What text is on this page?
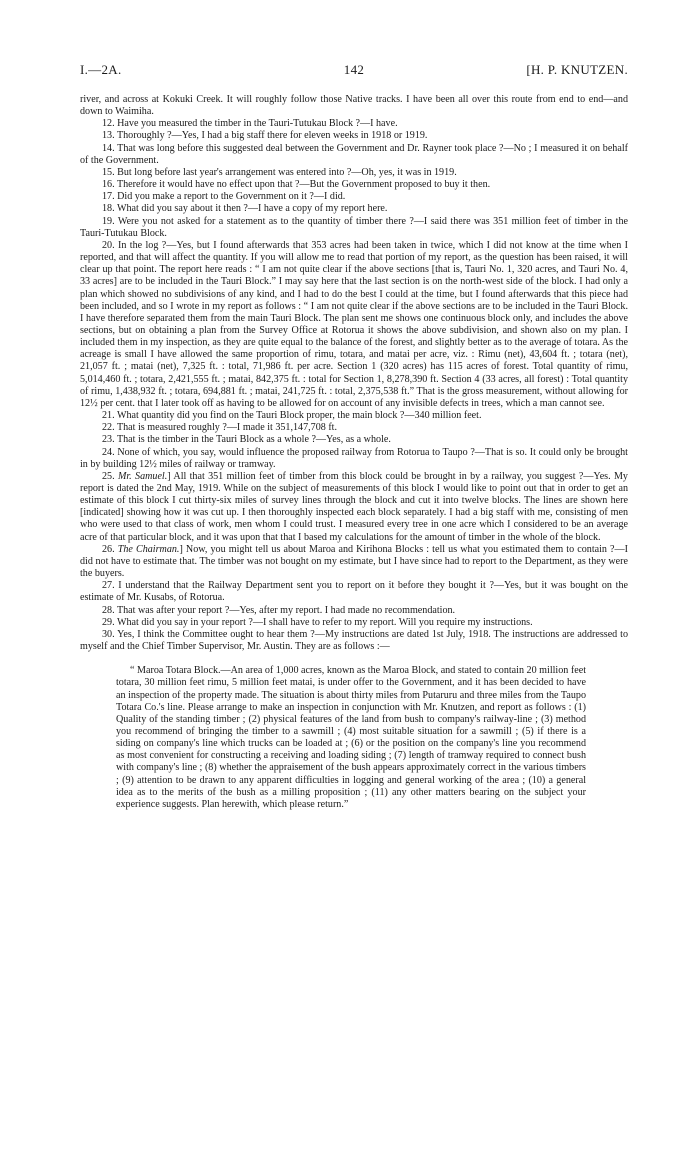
I.—2A.	142	[H. P. KNUTZEN.

river, and across at Kokuki Creek. It will roughly follow those Native tracks. I have been all over this route from end to end—and down to Waimiha.

12. Have you measured the timber in the Tauri-Tutukau Block ?—I have.

13. Thoroughly ?—Yes, I had a big staff there for eleven weeks in 1918 or 1919.

14. That was long before this suggested deal between the Government and Dr. Rayner took place ?—No ; I measured it on behalf of the Government.

15. But long before last year's arrangement was entered into ?—Oh, yes, it was in 1919.

16. Therefore it would have no effect upon that ?—But the Government proposed to buy it then.

17. Did you make a report to the Government on it ?—I did.

18. What did you say about it then ?—I have a copy of my report here.

19. Were you not asked for a statement as to the quantity of timber there ?—I said there was 351 million feet of timber in the Tauri-Tutukau Block.

20. In the log ?—Yes, but I found afterwards that 353 acres had been taken in twice, which I did not know at the time when I reported, and that will affect the quantity. If you will allow me to read that portion of my report, as the question has been raised, it will clear up that point. The report here reads : “ I am not quite clear if the above sections [that is, Tauri No. 1, 320 acres, and Tauri No. 4, 33 acres] are to be included in the Tauri Block.” I may say here that the last section is on the north-west side of the block. I had only a plan which showed no subdivisions of any kind, and I had to do the best I could at the time, but I found afterwards that this piece had been included, and so I wrote in my report as follows : “ I am not quite clear if the above sections are to be included in the Tauri Block. I have therefore separated them from the main Tauri Block. The plan sent me shows one continuous block only, and includes the above sections, but on obtaining a plan from the Survey Office at Rotorua it shows the above subdivision, and shown also on my plan. I included them in my inspection, as they are quite equal to the balance of the forest, and slightly better as to the average of totara. As the acreage is small I have allowed the same proportion of rimu, totara, and matai per acre, viz. : Rimu (net), 43,604 ft. ; totara (net), 21,057 ft. ; matai (net), 7,325 ft. : total, 71,986 ft. per acre. Section 1 (320 acres) has 115 acres of forest. Total quantity of rimu, 5,014,460 ft. ; totara, 2,421,555 ft. ; matai, 842,375 ft. : total for Section 1, 8,278,390 ft. Section 4 (33 acres, all forest) : Total quantity of rimu, 1,438,932 ft. ; totara, 694,881 ft. ; matai, 241,725 ft. : total, 2,375,538 ft.” That is the gross measurement, without allowing for 12½ per cent. that I later took off as having to be allowed for on account of any invisible defects in trees, which a man cannot see.

21. What quantity did you find on the Tauri Block proper, the main block ?—340 million feet.

22. That is measured roughly ?—I made it 351,147,708 ft.

23. That is the timber in the Tauri Block as a whole ?—Yes, as a whole.

24. None of which, you say, would influence the proposed railway from Rotorua to Taupo ?—That is so. It could only be brought in by building 12½ miles of railway or tramway.

25. Mr. Samuel.] All that 351 million feet of timber from this block could be brought in by a railway, you suggest ?—Yes. My report is dated the 2nd May, 1919. While on the subject of measurements of this block I would like to point out that in order to get an estimate of this block I cut thirty-six miles of survey lines through the block and cut it into twelve blocks. The lines are shown here [indicated] showing how it was cut up. I then thoroughly inspected each block separately. I had a big staff with me, consisting of men who were used to that class of work, men whom I could trust. I measured every tree in one acre which I considered to be an average acre of that particular block, and it was upon that that I based my calculations for the amount of timber in the whole of the block.

26. The Chairman.] Now, you might tell us about Maroa and Kirihona Blocks : tell us what you estimated them to contain ?—I did not have to estimate that. The timber was not bought on my estimate, but I have since had to report to the Department, as they were the buyers.

27. I understand that the Railway Department sent you to report on it before they bought it ?—Yes, but it was bought on the estimate of Mr. Kusabs, of Rotorua.

28. That was after your report ?—Yes, after my report. I had made no recommendation.

29. What did you say in your report ?—I shall have to refer to my report. Will you require my instructions.

30. Yes, I think the Committee ought to hear them ?—My instructions are dated 1st July, 1918. The instructions are addressed to myself and the Chief Timber Supervisor, Mr. Austin. They are as follows :—

“ Maroa Totara Block.—An area of 1,000 acres, known as the Maroa Block, and stated to contain 20 million feet totara, 30 million feet rimu, 5 million feet matai, is under offer to the Government, and it has been decided to have an inspection of the property made. The situation is about thirty miles from Putaruru and three miles from the Taupo Totara Co.'s line. Please arrange to make an inspection in conjunction with Mr. Knutzen, and report as follows : (1) Quality of the standing timber ; (2) physical features of the land from bush to company's railway-line ; (3) method you recommend of bringing the timber to a sawmill ; (4) most suitable situation for a sawmill ; (5) if there is a siding on company's line which trucks can be loaded at ; (6) or the position on the company's line you recommend as most convenient for constructing a receiving and loading siding ; (7) length of tramway required to connect bush with company's line ; (8) whether the appraisement of the bush appears approximately correct in the various timbers ; (9) attention to be drawn to any apparent difficulties in logging and general working of the area ; (10) a general idea as to the merits of the bush as a milling proposition ; (11) any other matters bearing on the subject your experience suggests. Plan herewith, which please return.”
